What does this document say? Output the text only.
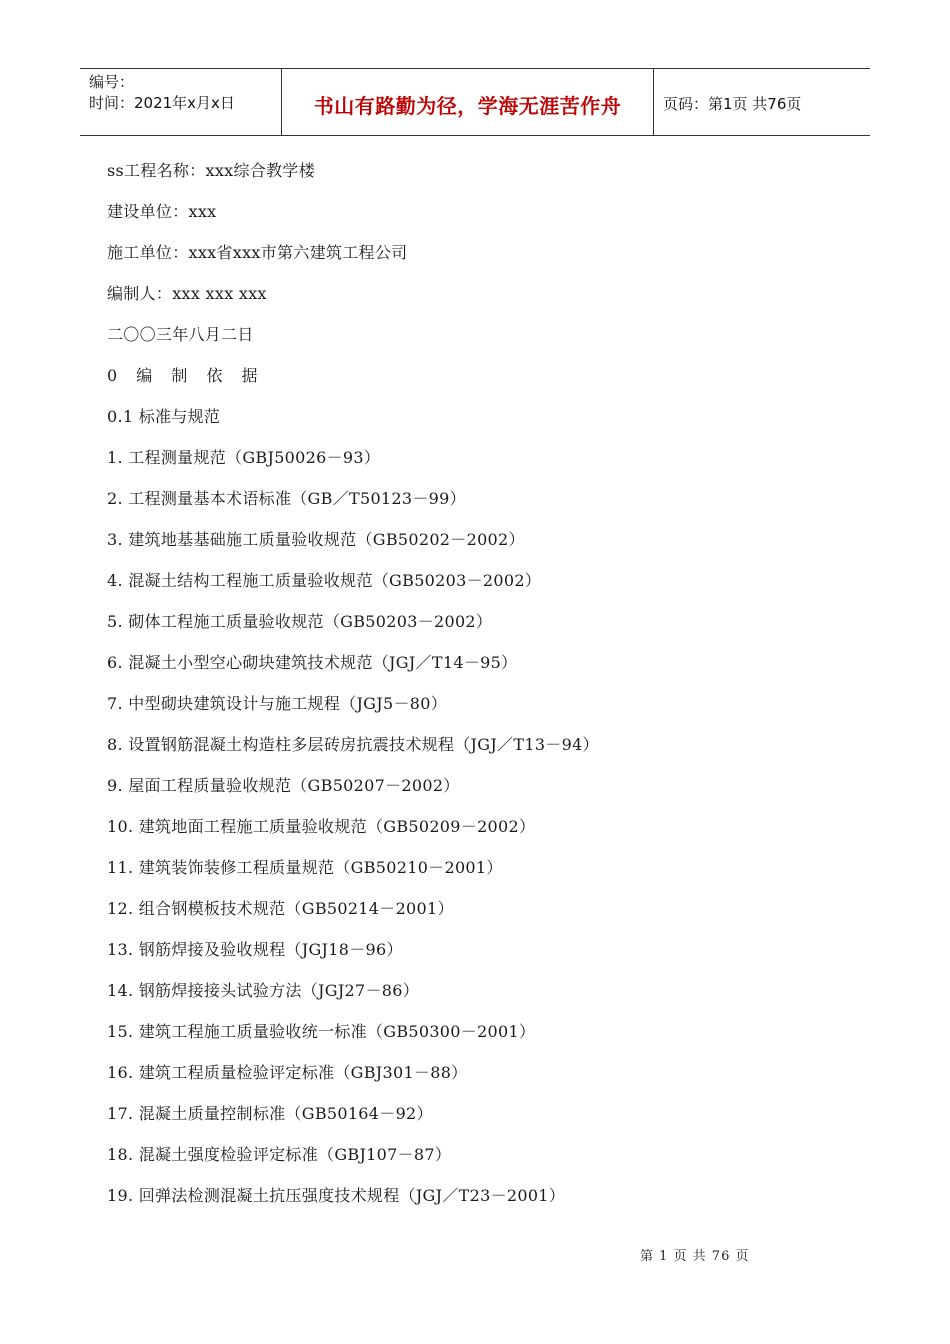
编号：
时间：2021年x月x日	书山有路勤为径，学海无涯苦作舟	页码：第1页 共76页
ss工程名称：xxx综合教学楼
建设单位：xxx
施工单位：xxx省xxx市第六建筑工程公司
编制人：xxx xxx xxx
二〇〇三年八月二日
0 编 制 依 据
0.1 标准与规范
1. 工程测量规范（GBJ50026－93）
2. 工程测量基本术语标准（GB／T50123－99）
3. 建筑地基基础施工质量验收规范（GB50202－2002）
4. 混凝土结构工程施工质量验收规范（GB50203－2002）
5. 砌体工程施工质量验收规范（GB50203－2002）
6. 混凝土小型空心砌块建筑技术规范（JGJ／T14－95）
7. 中型砌块建筑设计与施工规程（JGJ5－80）
8. 设置钢筋混凝土构造柱多层砖房抗震技术规程（JGJ／T13－94）
9. 屋面工程质量验收规范（GB50207－2002）
10. 建筑地面工程施工质量验收规范（GB50209－2002）
11. 建筑装饰装修工程质量规范（GB50210－2001）
12. 组合钢模板技术规范（GB50214－2001）
13. 钢筋焊接及验收规程（JGJ18－96）
14. 钢筋焊接接头试验方法（JGJ27－86）
15. 建筑工程施工质量验收统一标准（GB50300－2001）
16. 建筑工程质量检验评定标准（GBJ301－88）
17. 混凝土质量控制标准（GB50164－92）
18. 混凝土强度检验评定标准（GBJ107－87）
19. 回弹法检测混凝土抗压强度技术规程（JGJ／T23－2001）
第 1 页 共 76 页
